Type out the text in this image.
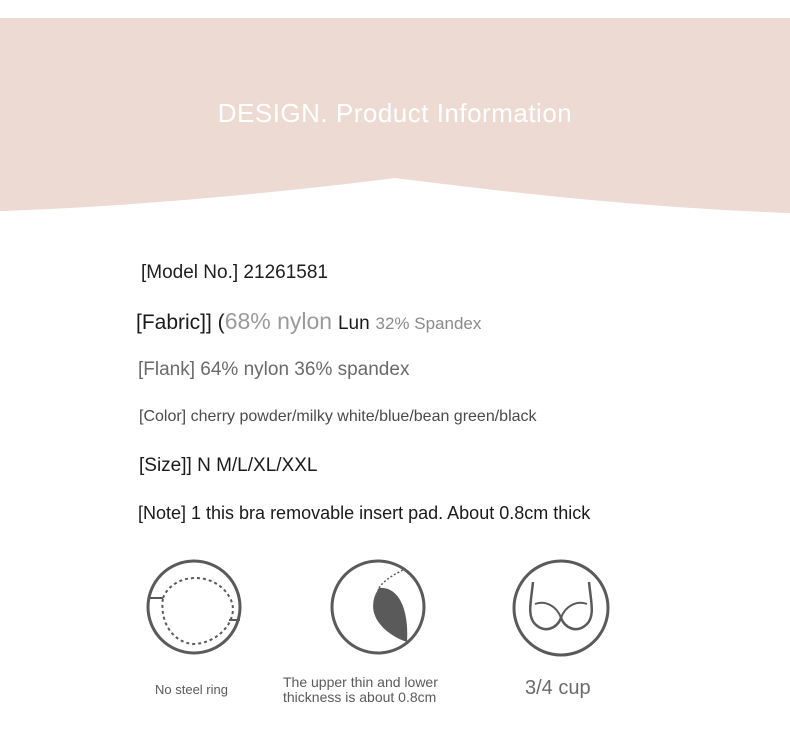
DESIGN. Product Information
[Model No.] 21261581
[Fabric]] (68% nylon Lun 32% Spandex
[Flank] 64% nylon 36% spandex
[Color] cherry powder/milky white/blue/bean green/black
[Size]] N M/L/XL/XXL
[Note] 1 this bra removable insert pad. About 0.8cm thick
No steel ring	The upper thin and lower thickness is about 0.8cm	3/4 cup
